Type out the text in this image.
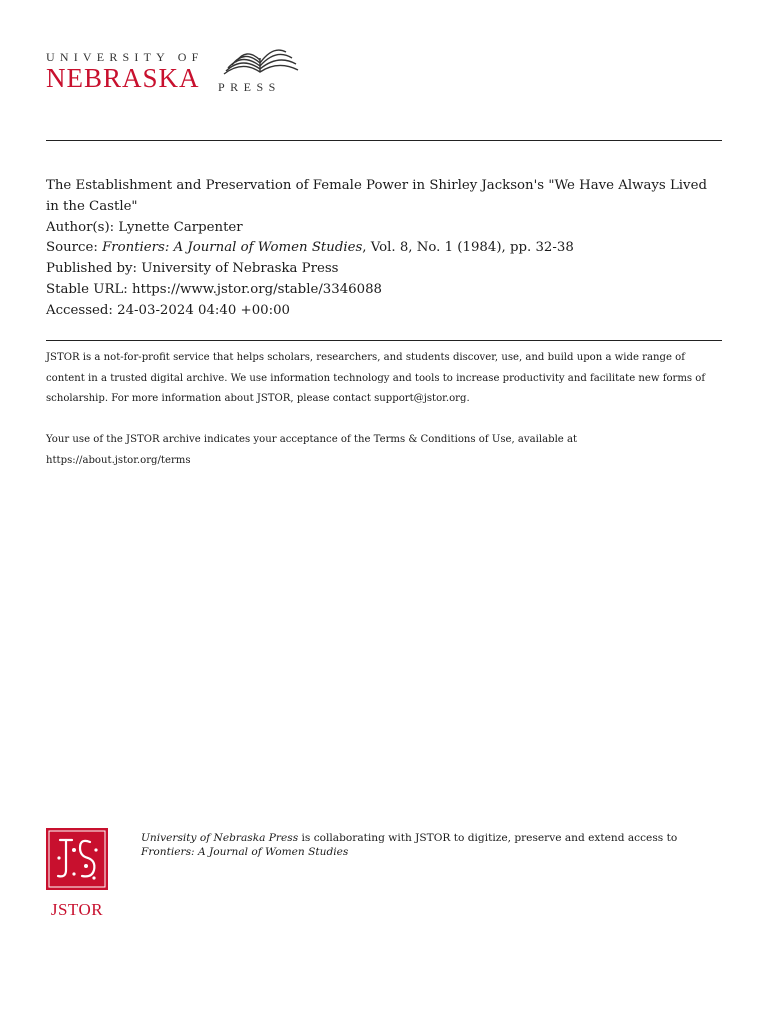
UNIVERSITY OF
NEBRASKA PRESS
The Establishment and Preservation of Female Power in Shirley Jackson's "We Have Always Lived in the Castle"
Author(s): Lynette Carpenter
Source: Frontiers: A Journal of Women Studies, Vol. 8, No. 1 (1984), pp. 32-38
Published by: University of Nebraska Press
Stable URL: https://www.jstor.org/stable/3346088
Accessed: 24-03-2024 04:40 +00:00

JSTOR is a not-for-profit service that helps scholars, researchers, and students discover, use, and build upon a wide range of content in a trusted digital archive. We use information technology and tools to increase productivity and facilitate new forms of scholarship. For more information about JSTOR, please contact support@jstor.org.

Your use of the JSTOR archive indicates your acceptance of the Terms & Conditions of Use, available at
https://about.jstor.org/terms

JSTOR
University of Nebraska Press is collaborating with JSTOR to digitize, preserve and extend access to Frontiers: A Journal of Women Studies
